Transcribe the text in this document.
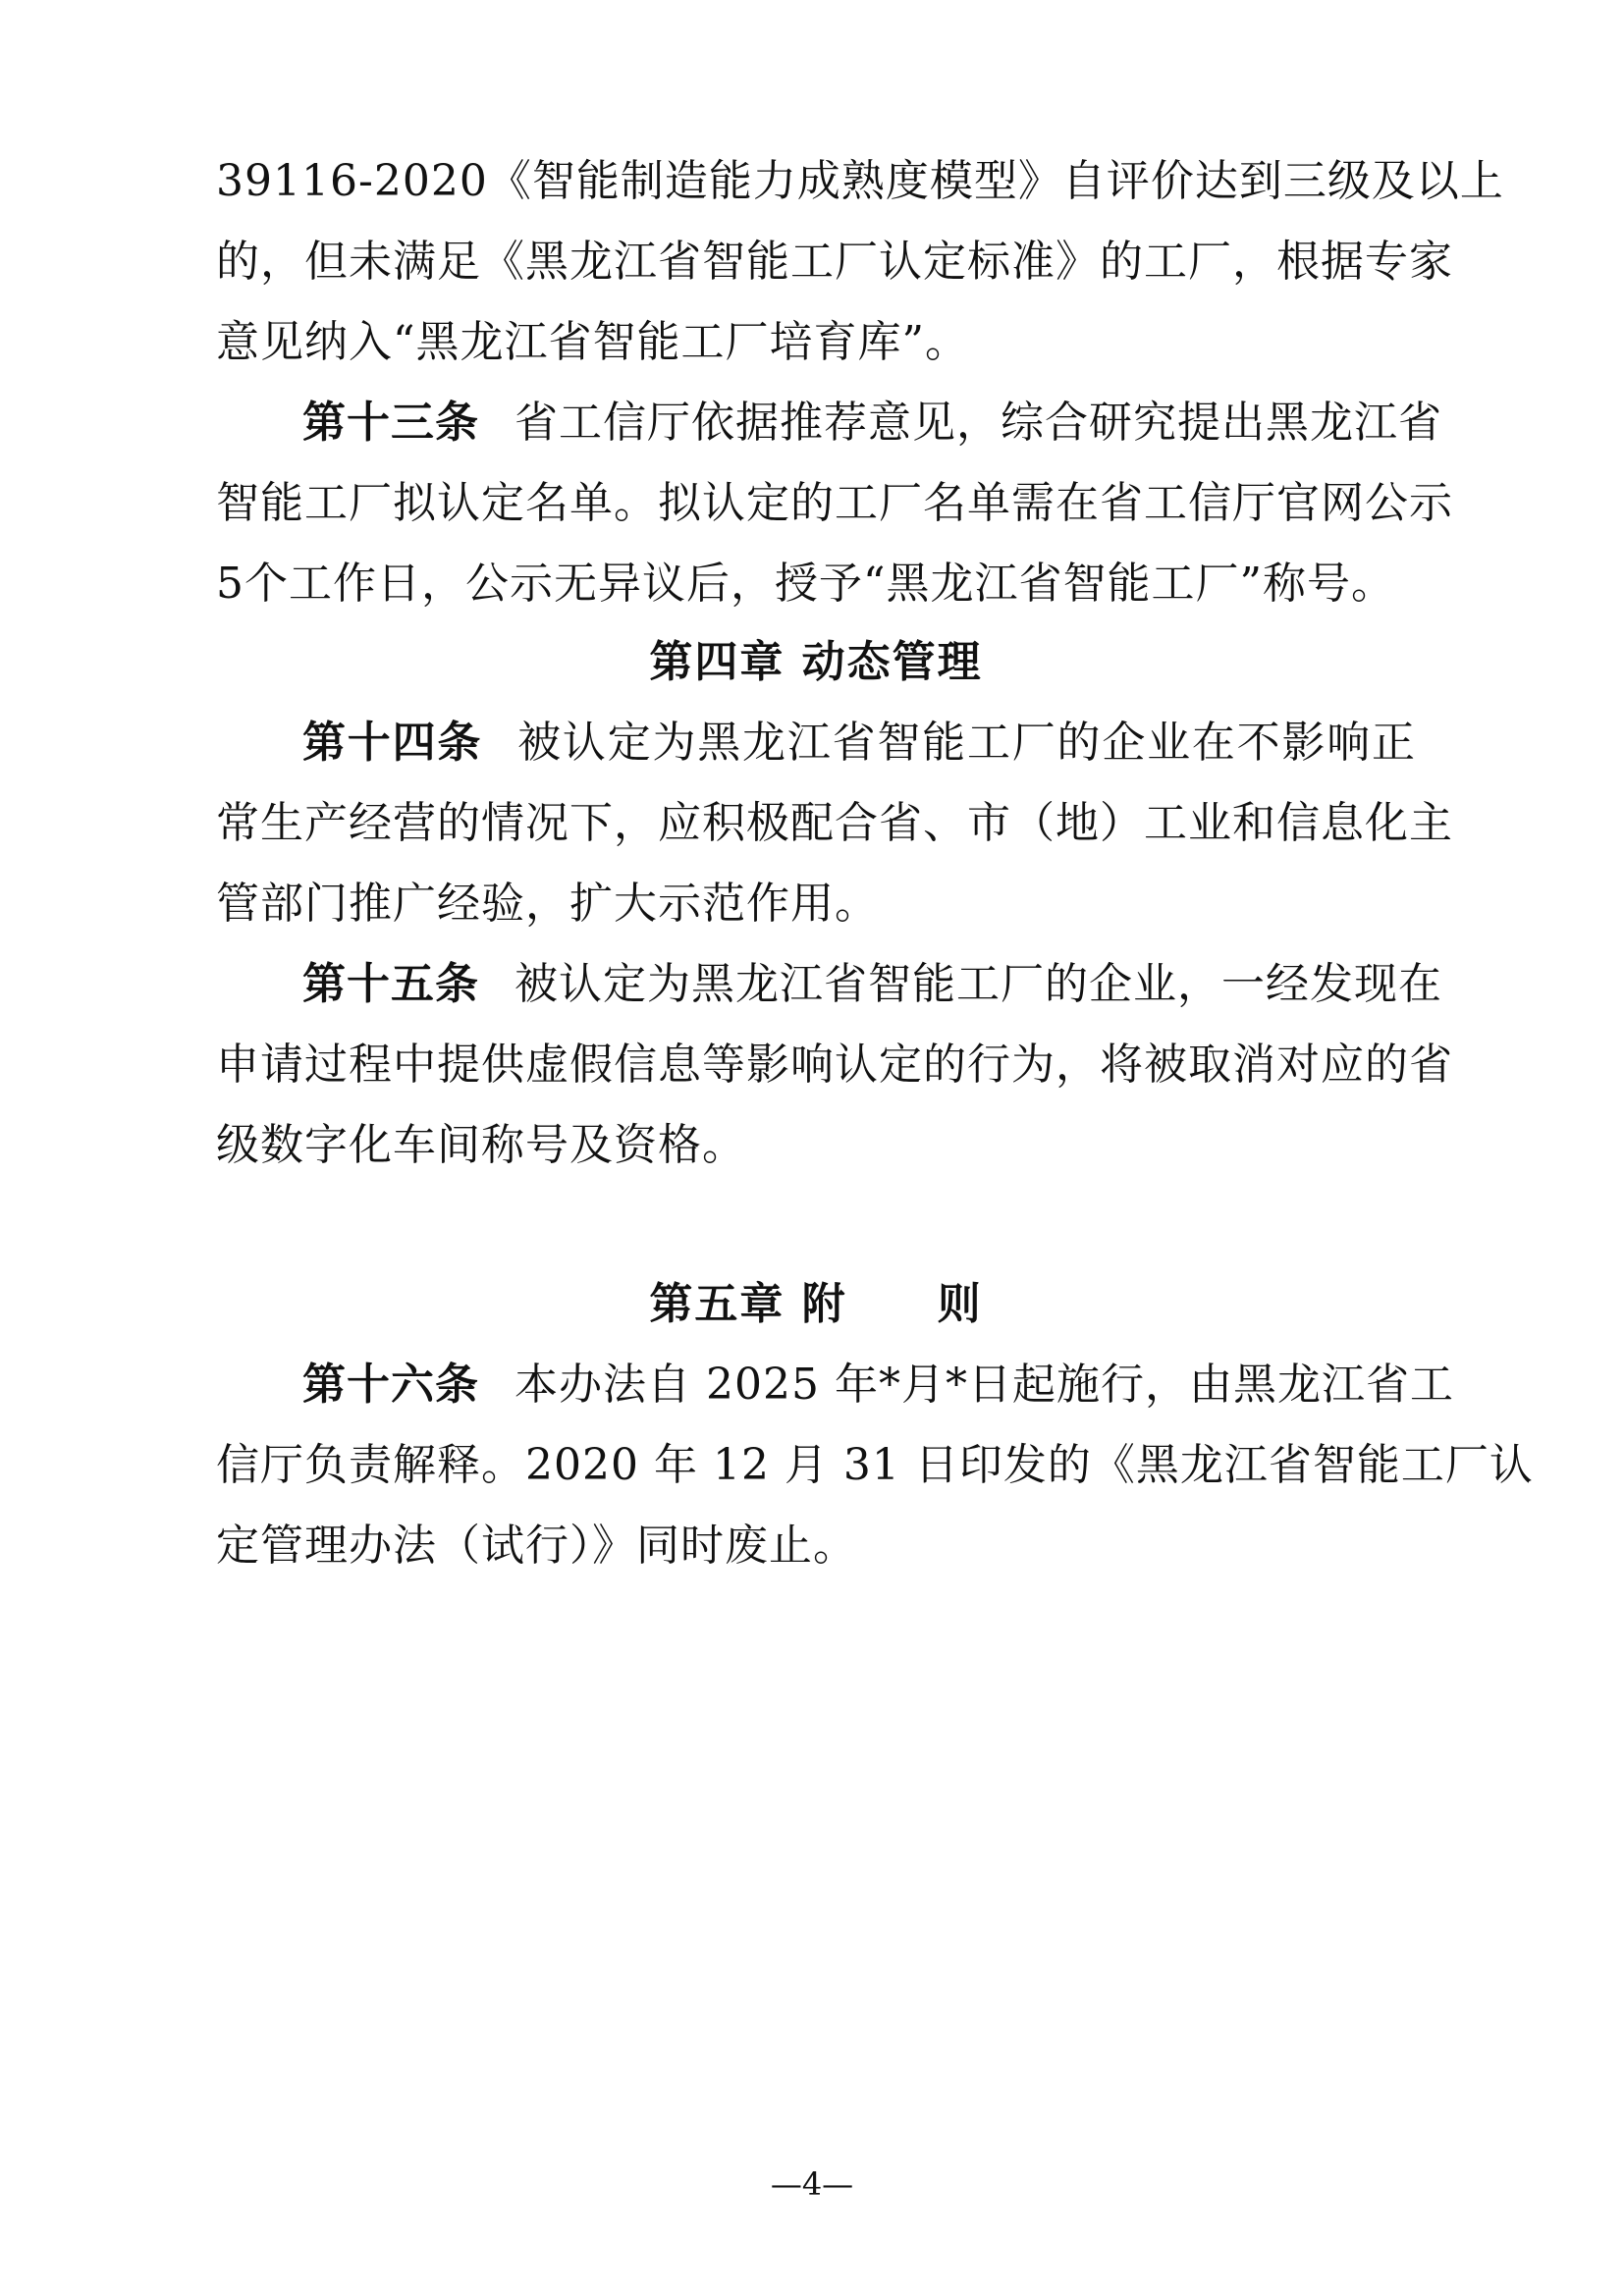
39116-2020《智能制造能力成熟度模型》自评价达到三级及以上
的，但未满足《黑龙江省智能工厂认定标准》的工厂，根据专家
意见纳入“黑龙江省智能工厂培育库”。
第十三条 省工信厅依据推荐意见，综合研究提出黑龙江省
智能工厂拟认定名单。拟认定的工厂名单需在省工信厅官网公示
5个工作日，公示无异议后，授予“黑龙江省智能工厂”称号。
第四章 动态管理
第十四条 被认定为黑龙江省智能工厂的企业在不影响正
常生产经营的情况下，应积极配合省、市（地）工业和信息化主
管部门推广经验，扩大示范作用。
第十五条 被认定为黑龙江省智能工厂的企业，一经发现在
申请过程中提供虚假信息等影响认定的行为，将被取消对应的省
级数字化车间称号及资格。
第五章 附　　则
第十六条 本办法自 2025 年*月*日起施行，由黑龙江省工
信厅负责解释。2020 年 12 月 31 日印发的《黑龙江省智能工厂认
定管理办法（试行）》同时废止。
—4—
